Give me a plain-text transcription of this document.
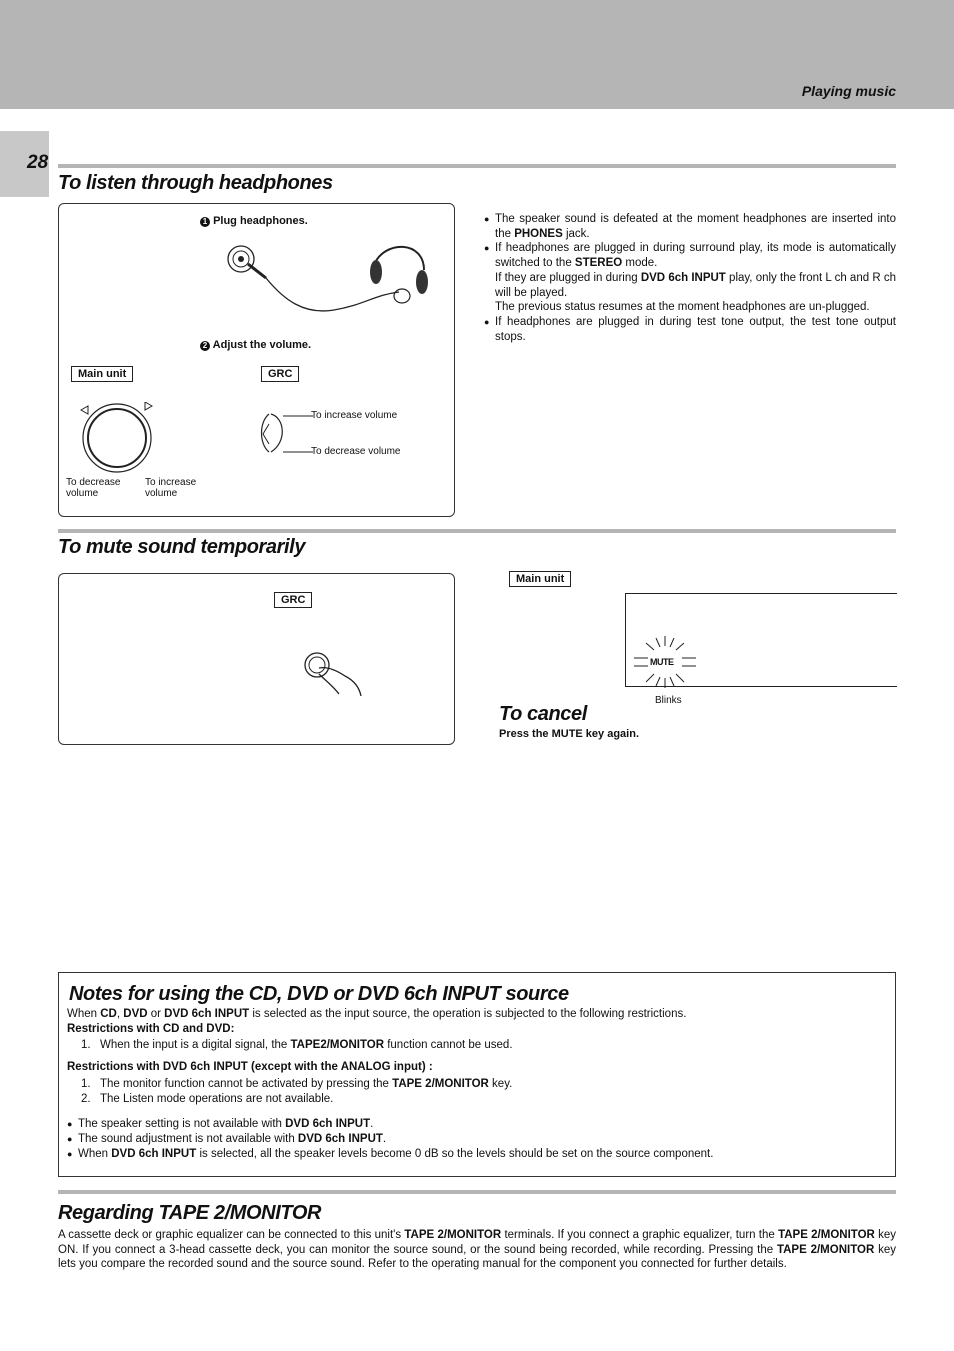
Playing music
28
To listen through headphones
1 Plug headphones.
2 Adjust the volume.
Main unit	GRC
To decrease volume
To increase volume
To increase volume
To decrease volume
● The speaker sound is defeated at the moment headphones are inserted into the PHONES jack.
● If headphones are plugged in during surround play, its mode is automatically switched to the STEREO mode.
If they are plugged in during DVD 6ch INPUT play, only the front L ch and R ch will be played.
The previous status resumes at the moment headphones are un-plugged.
● If headphones are plugged in during test tone output, the test tone output stops.
To mute sound temporarily
GRC
Main unit
MUTE
Blinks
To cancel
Press the MUTE key again.
Notes for using the CD, DVD or DVD 6ch INPUT source
When CD, DVD or DVD 6ch INPUT is selected as the input source, the operation is subjected to the following restrictions.
Restrictions with CD and DVD:
1. When the input is a digital signal, the TAPE2/MONITOR function cannot be used.
Restrictions with DVD 6ch INPUT (except with the ANALOG input) :
1. The monitor function cannot be activated by pressing the TAPE 2/MONITOR key.
2. The Listen mode operations are not available.
● The speaker setting is not available with DVD 6ch INPUT.
● The sound adjustment is not available with DVD 6ch INPUT.
● When DVD 6ch INPUT is selected, all the speaker levels become 0 dB so the levels should be set on the source component.
Regarding TAPE 2/MONITOR
A cassette deck or graphic equalizer can be connected to this unit's TAPE 2/MONITOR terminals. If you connect a graphic equalizer, turn the TAPE 2/MONITOR key ON. If you connect a 3-head cassette deck, you can monitor the source sound, or the sound being recorded, while recording. Pressing the TAPE 2/MONITOR key lets you compare the recorded sound and the source sound. Refer to the operating manual for the component you connected for further details.
